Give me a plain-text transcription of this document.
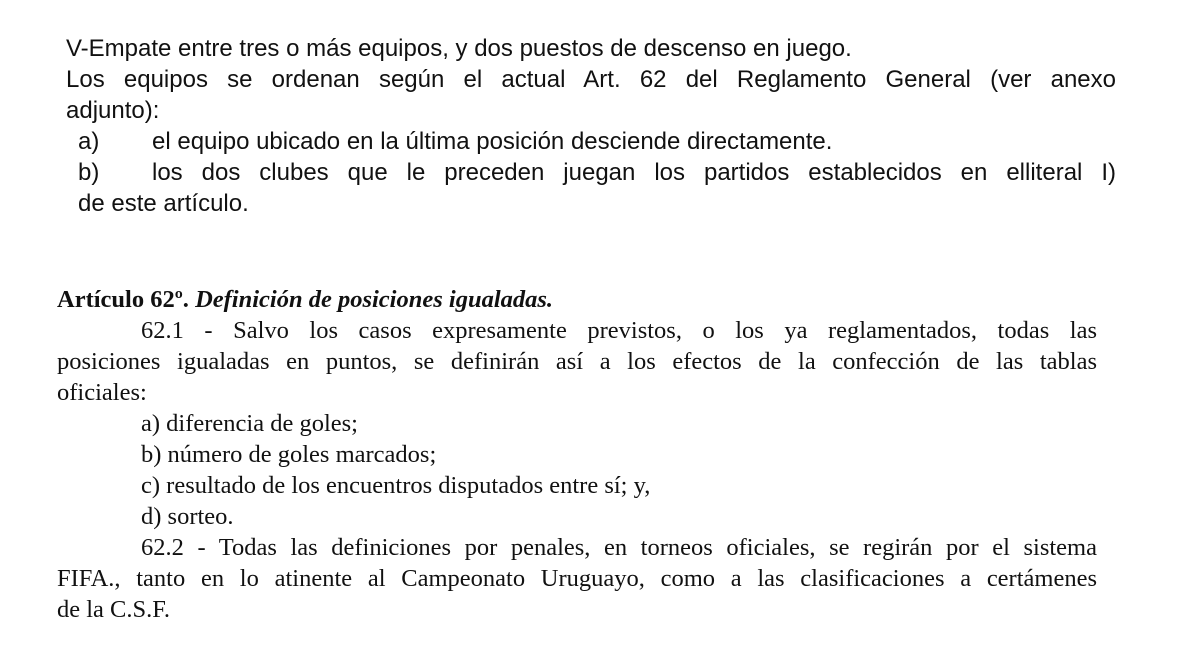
V-Empate entre tres o más equipos, y dos puestos de descenso en juego.
Los equipos se ordenan según el actual Art. 62 del Reglamento General (ver anexo
adjunto):
a)	el equipo ubicado en la última posición desciende directamente.
b)	los dos clubes que le preceden juegan los partidos establecidos en elliteral I)
de este artículo.
Artículo 62º. Definición de posiciones igualadas.
62.1 - Salvo los casos expresamente previstos, o los ya reglamentados, todas las
posiciones igualadas en puntos, se definirán así a los efectos de la confección de las tablas
oficiales:
a) diferencia de goles;
b) número de goles marcados;
c) resultado de los encuentros disputados entre sí; y,
d) sorteo.
62.2 - Todas las definiciones por penales, en torneos oficiales, se regirán por el sistema
FIFA., tanto en lo atinente al Campeonato Uruguayo, como a las clasificaciones a certámenes
de la C.S.F.
